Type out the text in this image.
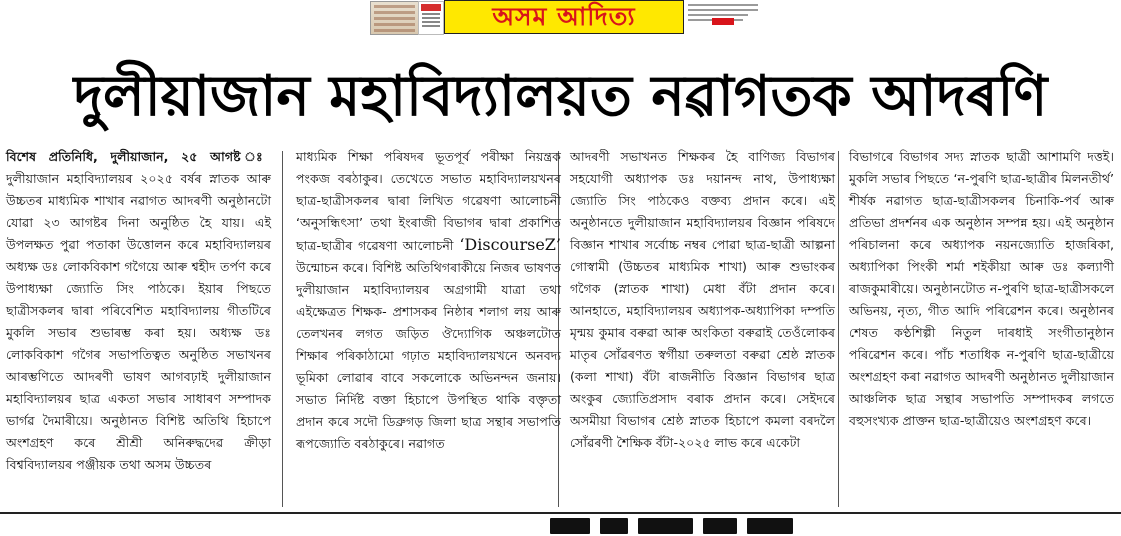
অসম আদিত্য
দুলীয়াজান মহাবিদ্যালয়ত নৱাগতক আদৰণি

বিশেষ প্ৰতিনিধি, দুলীয়াজান, ২৫ আগষ্ট ঃ দুলীয়াজান মহাবিদ্যালয়ৰ ২০২৫ বৰ্ষৰ স্নাতক আৰু উচ্চতৰ মাধ্যমিক শাখাৰ নৱাগত আদৰণী অনুষ্ঠানটো যোৱা ২৩ আগষ্টৰ দিনা অনুষ্ঠিত হৈ যায়। এই উপলক্ষত পুৱা পতাকা উত্তোলন কৰে মহাবিদ্যালয়ৰ অধ্যক্ষ ডঃ লোকবিকাশ গগৈয়ে আৰু শ্বহীদ তৰ্পণ কৰে উপাধ্যক্ষা জ্যোতি সিং পাঠকে। ইয়াৰ পিছতে ছাত্ৰীসকলৰ দ্বাৰা পৰিবেশিত মহাবিদ্যালয় গীতটিৰে মুকলি সভাৰ শুভাৰম্ভ কৰা হয়। অধ্যক্ষ ডঃ লোকবিকাশ গগৈৰ সভাপতিত্বত অনুষ্ঠিত সভাখনৰ আৰম্ভণিতে আদৰণী ভাষণ আগবঢ়াই দুলীয়াজান মহাবিদ্যালয়ৰ ছাত্ৰ একতা সভাৰ সাধাৰণ সম্পাদক ভাৰ্গৱ দৈমাৰীয়ে। অনুষ্ঠানত বিশিষ্ট অতিথি হিচাপে অংশগ্ৰহণ কৰে শ্ৰীশ্ৰী অনিৰুদ্ধদেৱ ক্ৰীড়া বিশ্ববিদ্যালয়ৰ পঞ্জীয়ক তথা অসম উচ্চতৰ

মাধ্যমিক শিক্ষা পৰিষদৰ ভূতপূৰ্ব পৰীক্ষা নিয়ন্ত্ৰক পংকজ বৰঠাকুৰ। তেখেতে সভাত মহাবিদ্যালয়খনৰ ছাত্ৰ-ছাত্ৰীসকলৰ দ্বাৰা লিখিত গৱেষণা আলোচনী ‘অনুসন্ধিৎসা’ তথা ইংৰাজী বিভাগৰ দ্বাৰা প্ৰকাশিত ছাত্ৰ-ছাত্ৰীৰ গৱেষণা আলোচনী ‘DiscourseZ’ উন্মোচন কৰে। বিশিষ্ট অতিথিগৰাকীয়ে নিজৰ ভাষণত দুলীয়াজান মহাবিদ্যালয়ৰ অগ্ৰগামী যাত্ৰা তথা এইক্ষেত্ৰত শিক্ষক- প্ৰশাসকৰ নিষ্ঠাৰ শলাগ লয় আৰু তেলখনৰ লগত জড়িত ঔদ্যোগিক অঞ্চলটোত শিক্ষাৰ পৰিকাঠামো গঢ়াত মহাবিদ্যালয়খনে অনবদ্য ভূমিকা লোৱাৰ বাবে সকলোকে অভিনন্দন জনায়। সভাত নিৰ্দিষ্ট বক্তা হিচাপে উপস্থিত থাকি বক্তৃতা প্ৰদান কৰে সদৌ ডিব্ৰুগড় জিলা ছাত্ৰ সন্থাৰ সভাপতি ৰূপজ্যোতি বৰঠাকুৰে। নৱাগত

আদৰণী সভাখনত শিক্ষকৰ হৈ বাণিজ্য বিভাগৰ সহযোগী অধ্যাপক ডঃ দয়ানন্দ নাথ, উপাধ্যক্ষা জ্যোতি সিং পাঠকেও বক্তব্য প্ৰদান কৰে। এই অনুষ্ঠানতে দুলীয়াজান মহাবিদ্যালয়ৰ বিজ্ঞান পৰিষদে বিজ্ঞান শাখাৰ সৰ্বোচ্চ নম্বৰ পোৱা ছাত্ৰ-ছাত্ৰী আল্পনা গোস্বামী (উচ্চতৰ মাধ্যমিক শাখা) আৰু শুভাংকৰ গগৈক (স্নাতক শাখা) মেধা বঁটা প্ৰদান কৰে। আনহাতে, মহাবিদ্যালয়ৰ অধ্যাপক-অধ্যাপিকা দম্পতি মৃন্ময় কুমাৰ বৰুৱা আৰু অংকিতা বৰুৱাই তেওঁলোকৰ মাতৃৰ সোঁৱৰণত স্বৰ্গীয়া তৰুলতা বৰুৱা শ্ৰেষ্ঠ স্নাতক (কলা শাখা) বঁটা ৰাজনীতি বিজ্ঞান বিভাগৰ ছাত্ৰ অংকুৰ জ্যোতিপ্ৰসাদ বৰাক প্ৰদান কৰে। সেইদৰে অসমীয়া বিভাগৰ শ্ৰেষ্ঠ স্নাতক হিচাপে কমলা বৰদলৈ সোঁৱৰণী শৈক্ষিক বঁটা-২০২৫ লাভ কৰে একেটা

বিভাগৰে বিভাগৰ সদ্য স্নাতক ছাত্ৰী আশামণি দত্তই। মুকলি সভাৰ পিছতে ‘ন-পুৰণি ছাত্ৰ-ছাত্ৰীৰ মিলনতীৰ্থ’ শীৰ্ষক নৱাগত ছাত্ৰ-ছাত্ৰীসকলৰ চিনাকি-পৰ্ব আৰু প্ৰতিভা প্ৰদৰ্শনৰ এক অনুষ্ঠান সম্পন্ন হয়। এই অনুষ্ঠান পৰিচালনা কৰে অধ্যাপক নয়নজ্যোতি হাজৰিকা, অধ্যাপিকা পিংকী শৰ্মা শইকীয়া আৰু ডঃ কল্যাণী ৰাজকুমাৰীয়ে। অনুষ্ঠানটোত ন-পুৰণি ছাত্ৰ-ছাত্ৰীসকলে অভিনয়, নৃত্য, গীত আদি পৰিৱেশন কৰে। অনুষ্ঠানৰ শেষত কণ্ঠশিল্পী নিতুল দাৰধাই সংগীতানুষ্ঠান পৰিৱেশন কৰে। পাঁচ শতাধিক ন-পুৰণি ছাত্ৰ-ছাত্ৰীয়ে অংশগ্ৰহণ কৰা নৱাগত আদৰণী অনুষ্ঠানত দুলীয়াজান আঞ্চলিক ছাত্ৰ সন্থাৰ সভাপতি সম্পাদকৰ লগতে বহুসংখ্যক প্ৰাক্তন ছাত্ৰ-ছাত্ৰীয়েও অংশগ্ৰহণ কৰে।
